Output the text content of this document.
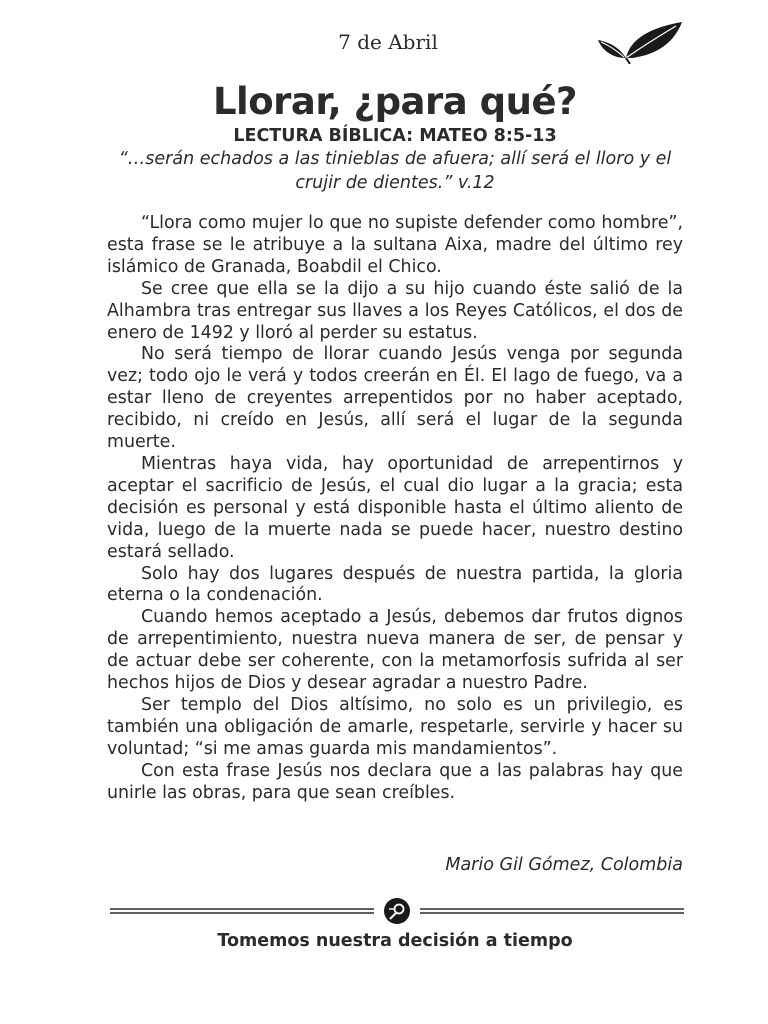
7 de Abril
Llorar, ¿para qué?
LECTURA BÍBLICA: MATEO 8:5-13
“…serán echados a las tinieblas de afuera; allí será el lloro y el crujir de dientes.” v.12

“Llora como mujer lo que no supiste defender como hombre”, esta frase se le atribuye a la sultana Aixa, madre del último rey islámico de Granada, Boabdil el Chico.

Se cree que ella se la dijo a su hijo cuando éste salió de la Alhambra tras entregar sus llaves a los Reyes Católicos, el dos de enero de 1492 y lloró al perder su estatus.

No será tiempo de llorar cuando Jesús venga por segunda vez; todo ojo le verá y todos creerán en Él. El lago de fuego, va a estar lleno de creyentes arrepentidos por no haber aceptado, recibido, ni creído en Jesús, allí será el lugar de la segunda muerte.

Mientras haya vida, hay oportunidad de arrepentirnos y aceptar el sacrificio de Jesús, el cual dio lugar a la gracia; esta decisión es personal y está disponible hasta el último aliento de vida, luego de la muerte nada se puede hacer, nuestro destino estará sellado.

Solo hay dos lugares después de nuestra partida, la gloria eterna o la condenación.

Cuando hemos aceptado a Jesús, debemos dar frutos dignos de arrepentimiento, nuestra nueva manera de ser, de pensar y de actuar debe ser coherente, con la metamorfosis sufrida al ser hechos hijos de Dios y desear agradar a nuestro Padre.

Ser templo del Dios altísimo, no solo es un privilegio, es también una obligación de amarle, respetarle, servirle y hacer su voluntad; “si me amas guarda mis mandamientos”.

Con esta frase Jesús nos declara que a las palabras hay que unirle las obras, para que sean creíbles.

Mario Gil Gómez, Colombia
Tomemos nuestra decisión a tiempo
